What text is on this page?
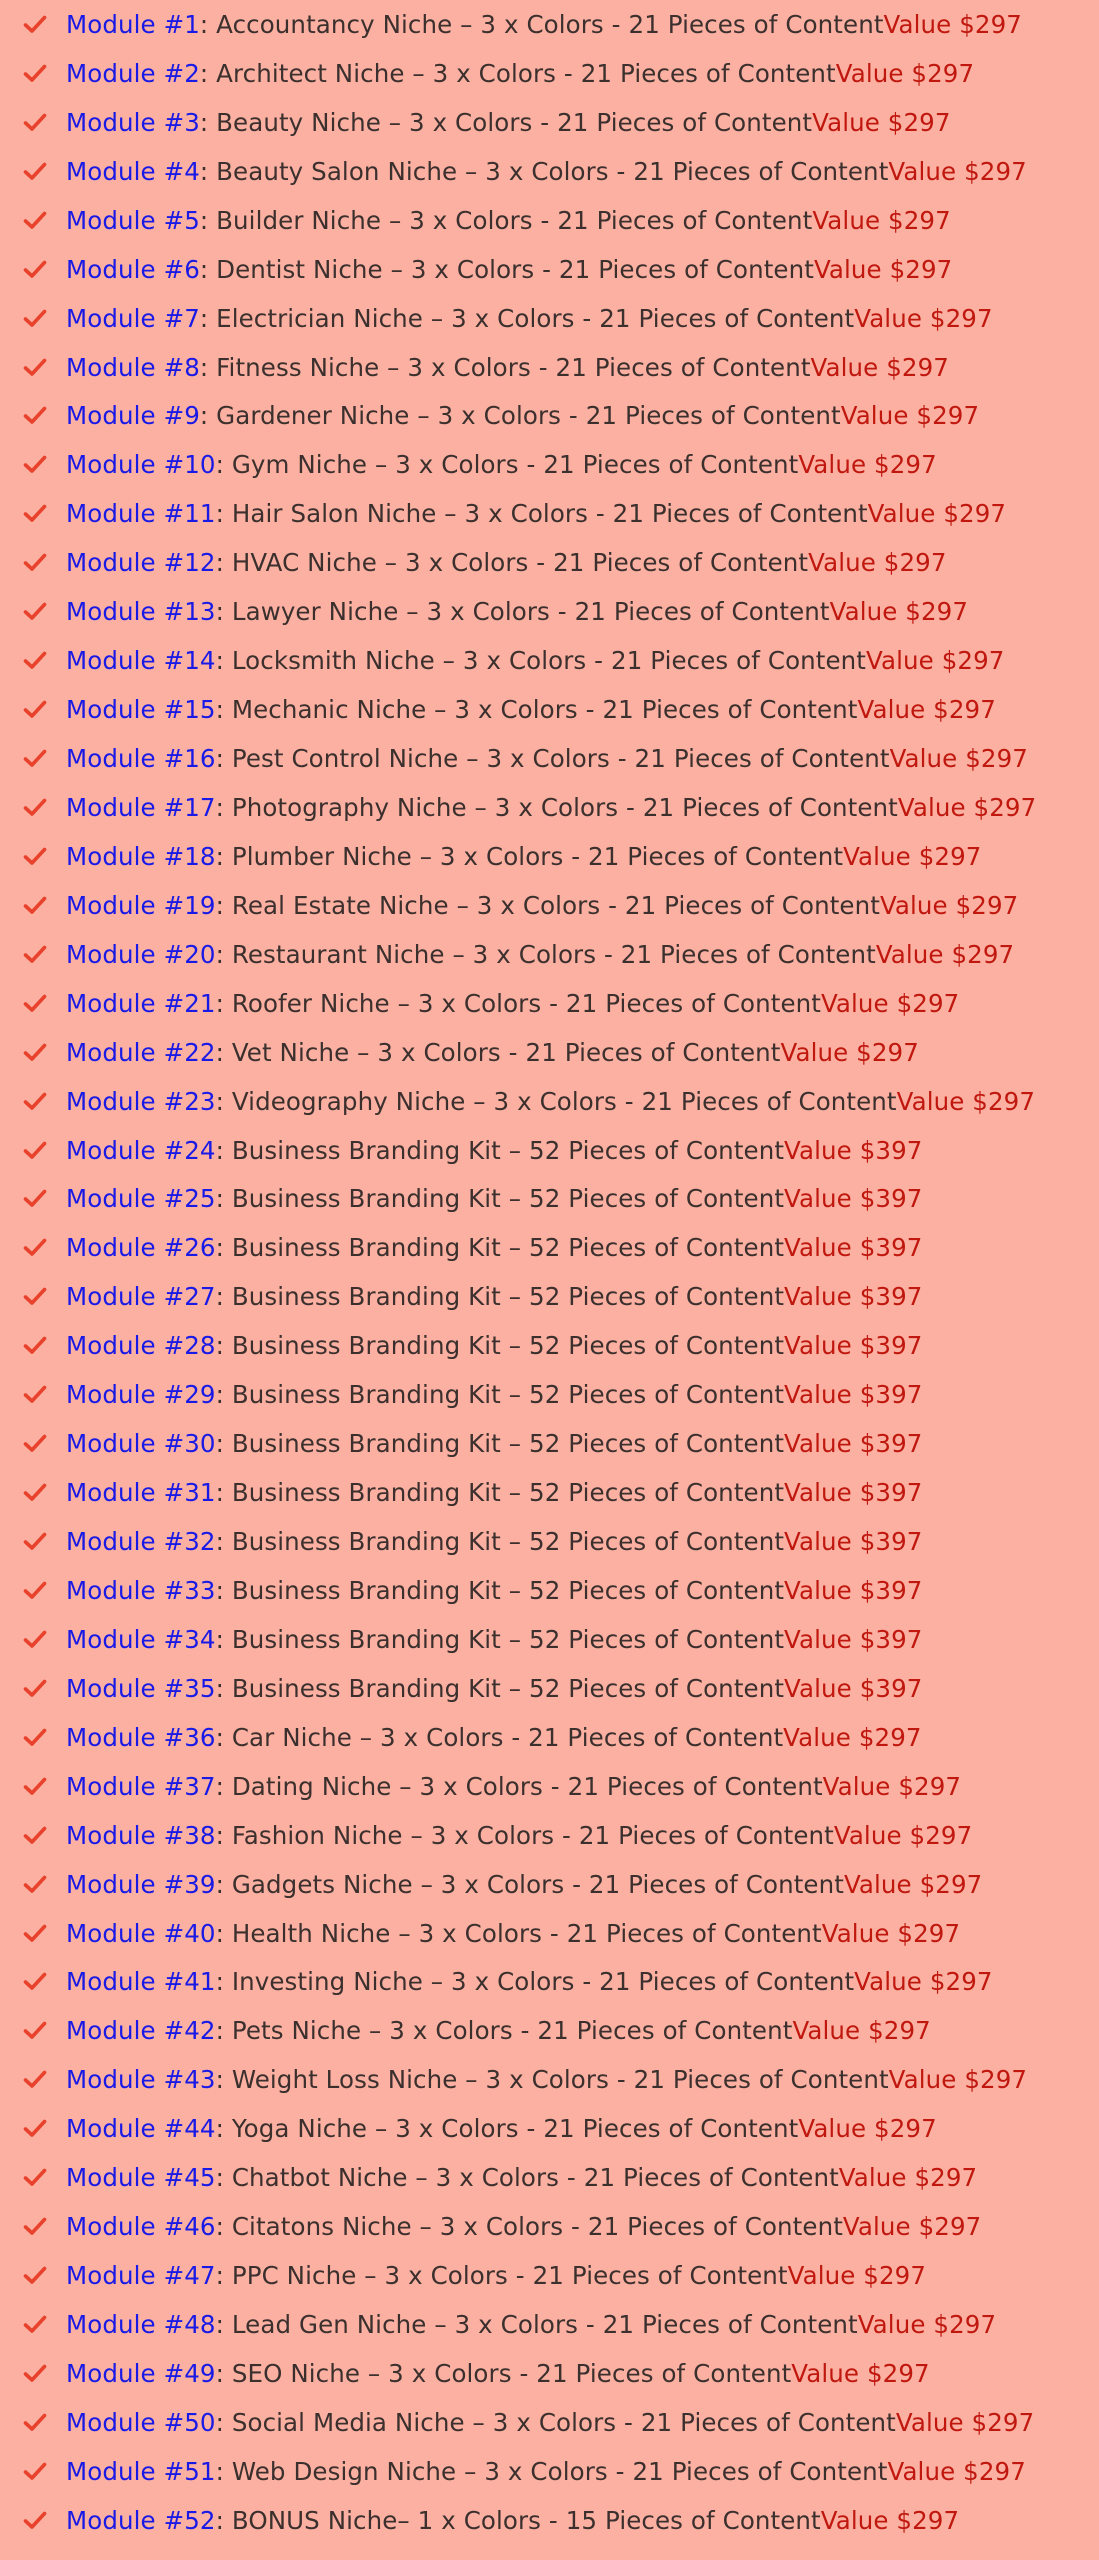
Module #1 : Accountancy Niche – 3 x Colors - 21 Pieces of Content Value $297
Module #2 : Architect Niche – 3 x Colors - 21 Pieces of Content Value $297
Module #3 : Beauty Niche – 3 x Colors - 21 Pieces of Content Value $297
Module #4 : Beauty Salon Niche – 3 x Colors - 21 Pieces of Content Value $297
Module #5 : Builder Niche – 3 x Colors - 21 Pieces of Content Value $297
Module #6 : Dentist Niche – 3 x Colors - 21 Pieces of Content Value $297
Module #7 : Electrician Niche – 3 x Colors - 21 Pieces of Content Value $297
Module #8 : Fitness Niche – 3 x Colors - 21 Pieces of Content Value $297
Module #9 : Gardener Niche – 3 x Colors - 21 Pieces of Content Value $297
Module #10 : Gym Niche – 3 x Colors - 21 Pieces of Content Value $297
Module #11 : Hair Salon Niche – 3 x Colors - 21 Pieces of Content Value $297
Module #12 : HVAC Niche – 3 x Colors - 21 Pieces of Content Value $297
Module #13 : Lawyer Niche – 3 x Colors - 21 Pieces of Content Value $297
Module #14 : Locksmith Niche – 3 x Colors - 21 Pieces of Content Value $297
Module #15 : Mechanic Niche – 3 x Colors - 21 Pieces of Content Value $297
Module #16 : Pest Control Niche – 3 x Colors - 21 Pieces of Content Value $297
Module #17 : Photography Niche – 3 x Colors - 21 Pieces of Content Value $297
Module #18 : Plumber Niche – 3 x Colors - 21 Pieces of Content Value $297
Module #19 : Real Estate Niche – 3 x Colors - 21 Pieces of Content Value $297
Module #20 : Restaurant Niche – 3 x Colors - 21 Pieces of Content Value $297
Module #21 : Roofer Niche – 3 x Colors - 21 Pieces of Content Value $297
Module #22 : Vet Niche – 3 x Colors - 21 Pieces of Content Value $297
Module #23 : Videography Niche – 3 x Colors - 21 Pieces of Content Value $297
Module #24 : Business Branding Kit – 52 Pieces of Content Value $397
Module #25 : Business Branding Kit – 52 Pieces of Content Value $397
Module #26 : Business Branding Kit – 52 Pieces of Content Value $397
Module #27 : Business Branding Kit – 52 Pieces of Content Value $397
Module #28 : Business Branding Kit – 52 Pieces of Content Value $397
Module #29 : Business Branding Kit – 52 Pieces of Content Value $397
Module #30 : Business Branding Kit – 52 Pieces of Content Value $397
Module #31 : Business Branding Kit – 52 Pieces of Content Value $397
Module #32 : Business Branding Kit – 52 Pieces of Content Value $397
Module #33 : Business Branding Kit – 52 Pieces of Content Value $397
Module #34 : Business Branding Kit – 52 Pieces of Content Value $397
Module #35 : Business Branding Kit – 52 Pieces of Content Value $397
Module #36 : Car Niche – 3 x Colors - 21 Pieces of Content Value $297
Module #37 : Dating Niche – 3 x Colors - 21 Pieces of Content Value $297
Module #38 : Fashion Niche – 3 x Colors - 21 Pieces of Content Value $297
Module #39 : Gadgets Niche – 3 x Colors - 21 Pieces of Content Value $297
Module #40 : Health Niche – 3 x Colors - 21 Pieces of Content Value $297
Module #41 : Investing Niche – 3 x Colors - 21 Pieces of Content Value $297
Module #42 : Pets Niche – 3 x Colors - 21 Pieces of Content Value $297
Module #43 : Weight Loss Niche – 3 x Colors - 21 Pieces of Content Value $297
Module #44 : Yoga Niche – 3 x Colors - 21 Pieces of Content Value $297
Module #45 : Chatbot Niche – 3 x Colors - 21 Pieces of Content Value $297
Module #46 : Citatons Niche – 3 x Colors - 21 Pieces of Content Value $297
Module #47 : PPC Niche – 3 x Colors - 21 Pieces of Content Value $297
Module #48 : Lead Gen Niche – 3 x Colors - 21 Pieces of Content Value $297
Module #49 : SEO Niche – 3 x Colors - 21 Pieces of Content Value $297
Module #50 : Social Media Niche – 3 x Colors - 21 Pieces of Content Value $297
Module #51 : Web Design Niche – 3 x Colors - 21 Pieces of Content Value $297
Module #52 : BONUS Niche– 1 x Colors - 15 Pieces of Content Value $297
